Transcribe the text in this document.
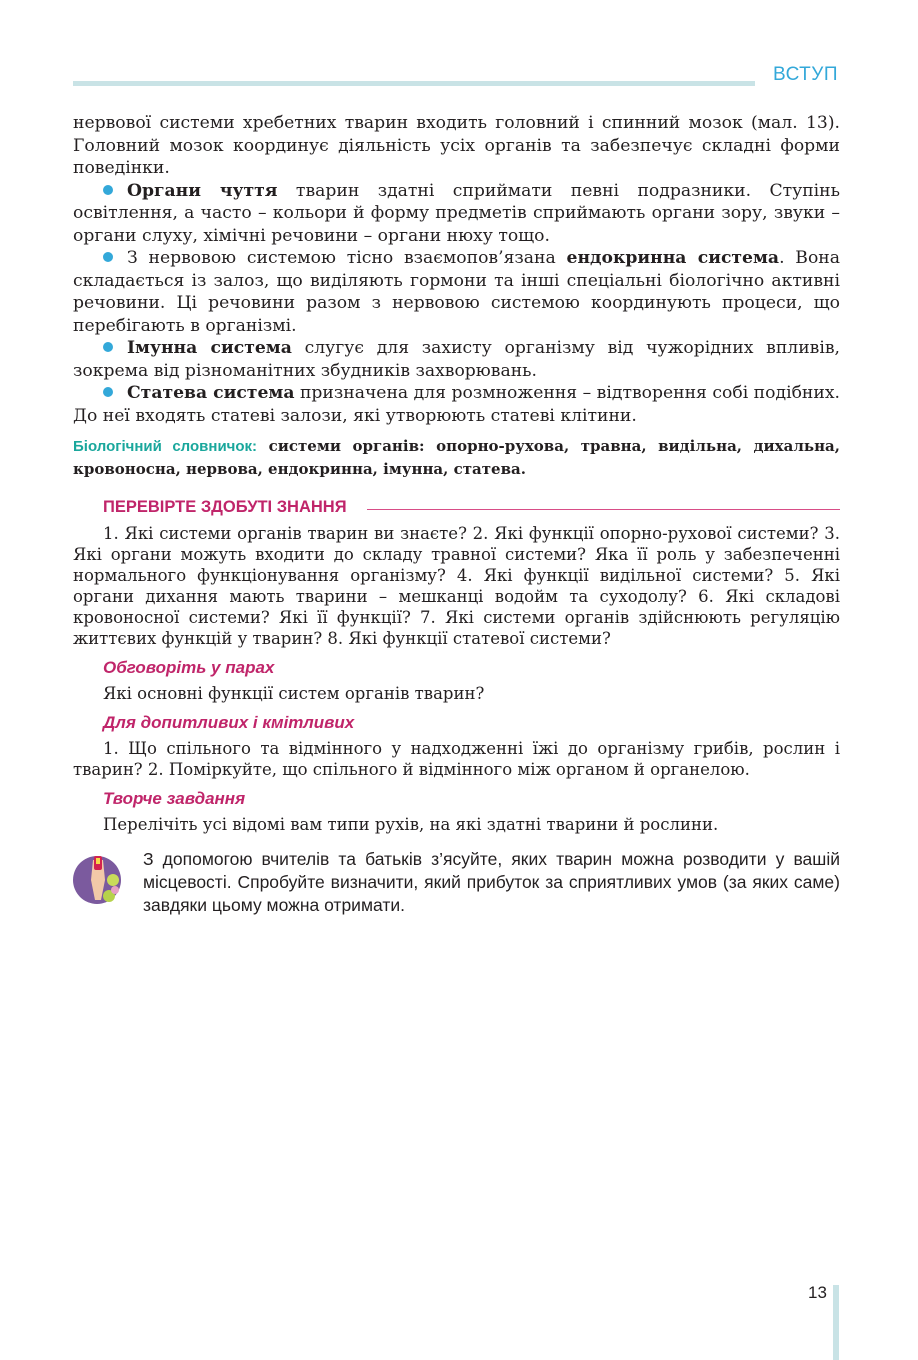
ВСТУП

нервової системи хребетних тварин входить головний і спинний мозок (мал. 13). Головний мозок координує діяльність усіх органів та забезпечує складні форми поведінки.

Органи чуття тварин здатні сприймати певні подразники. Ступінь освітлення, а часто – кольори й форму предметів сприймають органи зору, звуки – органи слуху, хімічні речовини – органи нюху тощо.

З нервовою системою тісно взаємопов’язана ендокринна система. Вона складається із залоз, що виділяють гормони та інші спеціальні біологічно активні речовини. Ці речовини разом з нервовою системою координують процеси, що перебігають в організмі.

Імунна система слугує для захисту організму від чужорідних впливів, зокрема від різноманітних збудників захворювань.

Статева система призначена для розмноження – відтворення собі подібних. До неї входять статеві залози, які утворюють статеві клітини.

Біологічний словничок: системи органів: опорно-рухова, травна, видільна, дихальна, кровоносна, нервова, ендокринна, імунна, статева.
ПЕРЕВІРТЕ ЗДОБУТІ ЗНАННЯ

1. Які системи органів тварин ви знаєте? 2. Які функції опорно-рухової системи? 3. Які органи можуть входити до складу травної системи? Яка її роль у забезпеченні нормального функціонування організму? 4. Які функції видільної системи? 5. Які органи дихання мають тварини – мешканці водойм та суходолу? 6. Які складові кровоносної системи? Які її функції? 7. Які системи органів здійснюють регуляцію життєвих функцій у тварин? 8. Які функції статевої системи?

Обговоріть у парах

Які основні функції систем органів тварин?

Для допитливих і кмітливих

1. Що спільного та відмінного у надходженні їжі до організму грибів, рослин і тварин? 2. Поміркуйте, що спільного й відмінного між органом й органелою.

Творче завдання

Перелічіть усі відомі вам типи рухів, на які здатні тварини й рослини.

З допомогою вчителів та батьків з’ясуйте, яких тварин можна розводити у вашій місцевості. Спробуйте визначити, який прибуток за сприятливих умов (за яких саме) завдяки цьому можна отримати.
13
